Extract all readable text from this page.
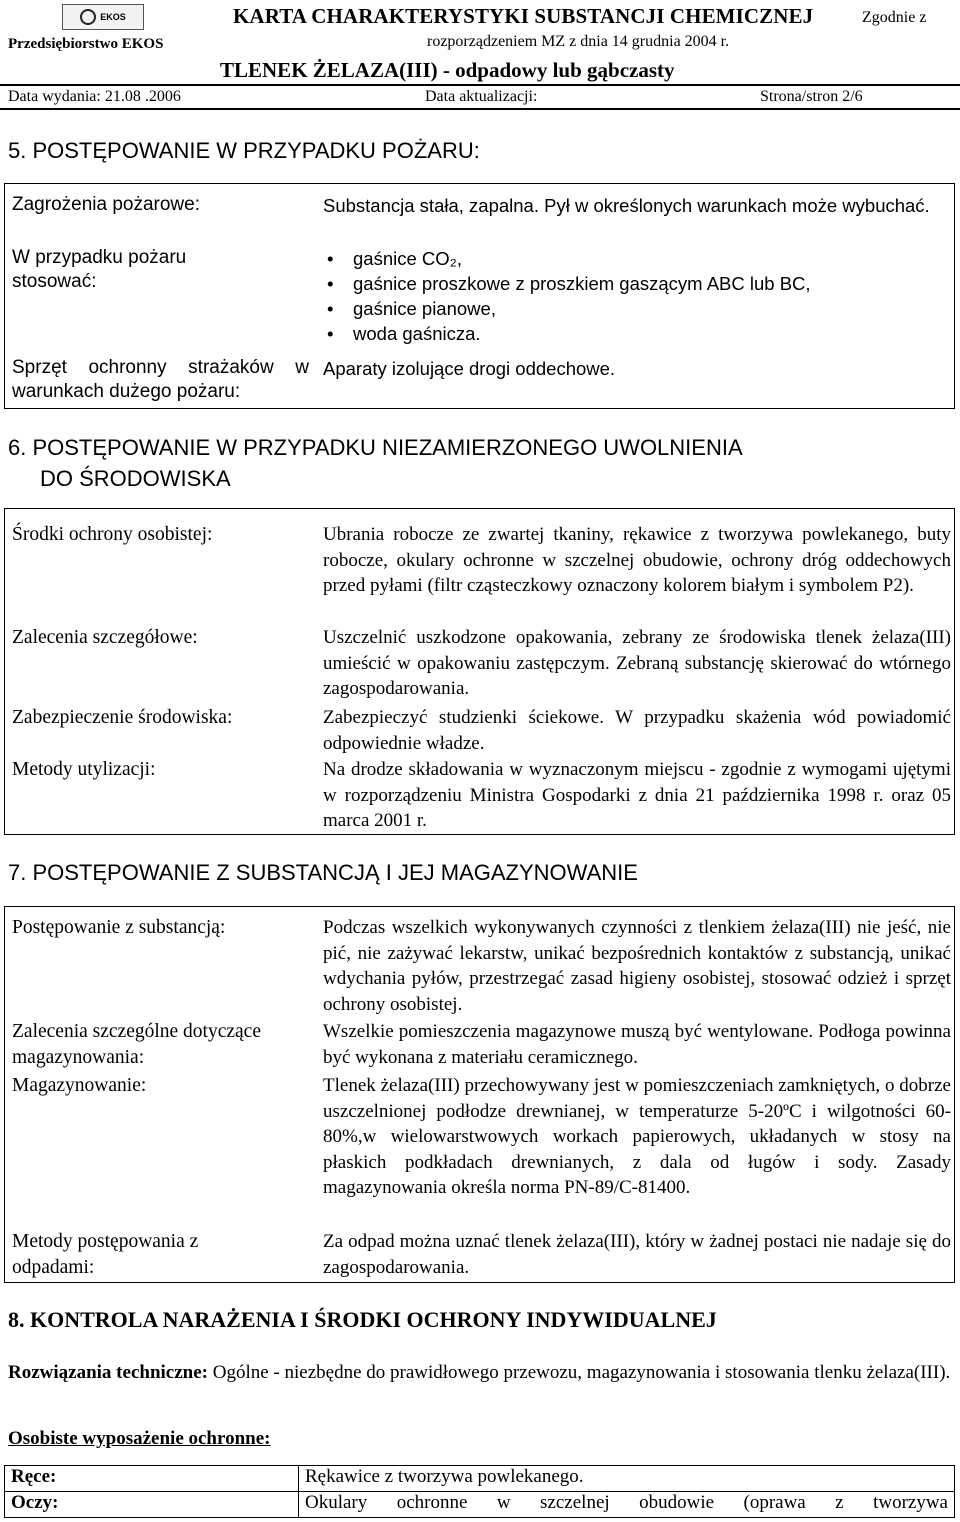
EKOS
Przedsiębiorstwo EKOS
KARTA CHARAKTERYSTYKI SUBSTANCJI CHEMICZNEJ	Zgodnie z
rozporządzeniem MZ z dnia 14 grudnia 2004 r.
TLENEK ŻELAZA(III) - odpadowy lub gąbczasty
Data wydania: 21.08 .2006	Data aktualizacji:	Strona/stron 2/6
5. POSTĘPOWANIE W PRZYPADKU POŻARU:
Zagrożenia pożarowe:	Substancja stała, zapalna. Pył w określonych warunkach może wybuchać.
W przypadku pożaru stosować:
• gaśnice CO₂,
• gaśnice proszkowe z proszkiem gaszącym ABC lub BC,
• gaśnice pianowe,
• woda gaśnicza.
Sprzęt ochronny strażaków w warunkach dużego pożaru:
Aparaty izolujące drogi oddechowe.
6. POSTĘPOWANIE W PRZYPADKU NIEZAMIERZONEGO UWOLNIENIA
DO ŚRODOWISKA
Środki ochrony osobistej:	Ubrania robocze ze zwartej tkaniny, rękawice z tworzywa powlekanego, buty robocze, okulary ochronne w szczelnej obudowie, ochrony dróg oddechowych przed pyłami (filtr cząsteczkowy oznaczony kolorem białym i symbolem P2).
Zalecenia szczegółowe:	Uszczelnić uszkodzone opakowania, zebrany ze środowiska tlenek żelaza(III) umieścić w opakowaniu zastępczym. Zebraną substancję skierować do wtórnego zagospodarowania.
Zabezpieczenie środowiska:	Zabezpieczyć studzienki ściekowe. W przypadku skażenia wód powiadomić odpowiednie władze.
Metody utylizacji:	Na drodze składowania w wyznaczonym miejscu - zgodnie z wymogami ujętymi w rozporządzeniu Ministra Gospodarki z dnia 21 października 1998 r. oraz 05 marca 2001 r.
7. POSTĘPOWANIE Z SUBSTANCJĄ I JEJ MAGAZYNOWANIE
Postępowanie z substancją:	Podczas wszelkich wykonywanych czynności z tlenkiem żelaza(III) nie jeść, nie pić, nie zażywać lekarstw, unikać bezpośrednich kontaktów z substancją, unikać wdychania pyłów, przestrzegać zasad higieny osobistej, stosować odzież i sprzęt ochrony osobistej.
Zalecenia szczególne dotyczące magazynowania:
Wszelkie pomieszczenia magazynowe muszą być wentylowane. Podłoga powinna być wykonana z materiału ceramicznego.
Magazynowanie:	Tlenek żelaza(III) przechowywany jest w pomieszczeniach zamkniętych, o dobrze uszczelnionej podłodze drewnianej, w temperaturze 5-20ºC i wilgotności 60-80%,w wielowarstwowych workach papierowych, układanych w stosy na płaskich podkładach drewnianych, z dala od ługów i sody. Zasady magazynowania określa norma PN-89/C-81400.
Metody postępowania z odpadami:
Za odpad można uznać tlenek żelaza(III), który w żadnej postaci nie nadaje się do zagospodarowania.
8. KONTROLA NARAŻENIA I ŚRODKI OCHRONY INDYWIDUALNEJ
Rozwiązania techniczne: Ogólne - niezbędne do prawidłowego przewozu, magazynowania i stosowania tlenku żelaza(III).
Osobiste wyposażenie ochronne:
Ręce:	Rękawice z tworzywa powlekanego.
Oczy:	Okulary ochronne w szczelnej obudowie (oprawa z tworzywa
